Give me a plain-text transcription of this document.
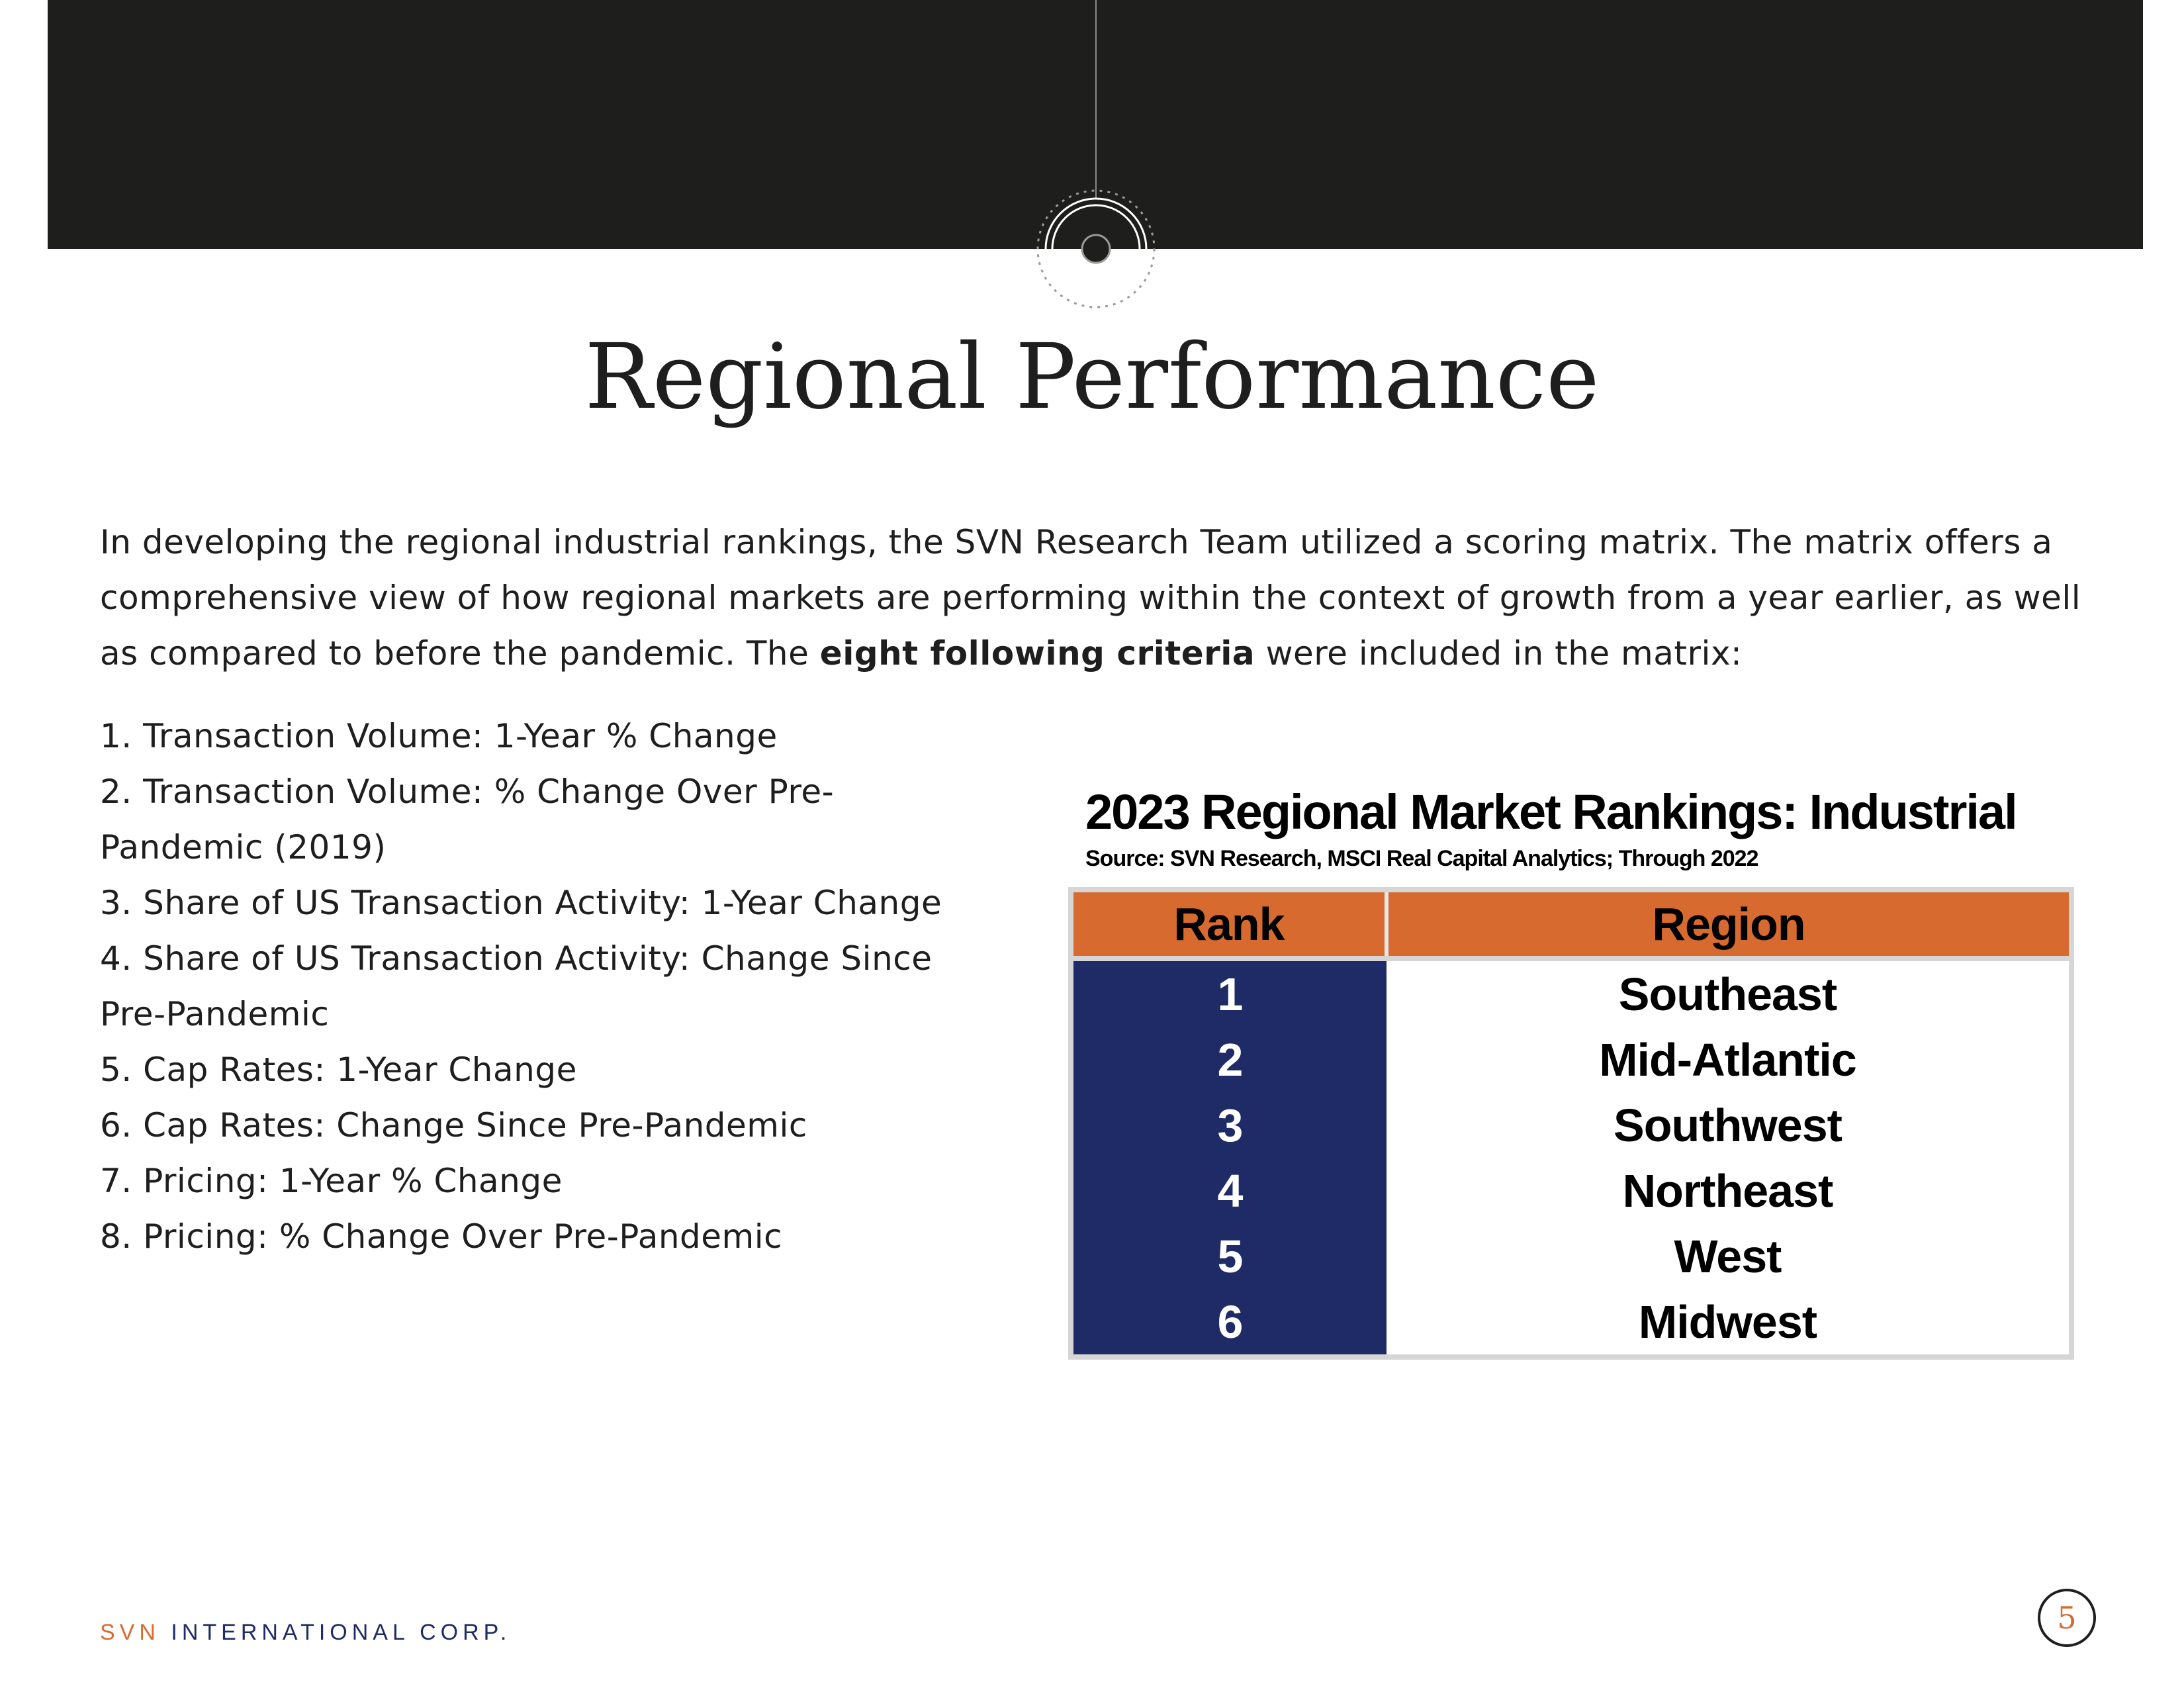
Regional Performance

In developing the regional industrial rankings, the SVN Research Team utilized a scoring matrix. The matrix offers a comprehensive view of how regional markets are performing within the context of growth from a year earlier, as well as compared to before the pandemic. The eight following criteria were included in the matrix:

1. Transaction Volume: 1-Year % Change
2. Transaction Volume: % Change Over Pre-Pandemic (2019)
3. Share of US Transaction Activity: 1-Year Change
4. Share of US Transaction Activity: Change Since Pre-Pandemic
5. Cap Rates: 1-Year Change
6. Cap Rates: Change Since Pre-Pandemic
7. Pricing: 1-Year % Change
8. Pricing: % Change Over Pre-Pandemic
2023 Regional Market Rankings: Industrial
Source: SVN Research, MSCI Real Capital Analytics; Through 2022
Rank	Region
1	Southeast
2	Mid-Atlantic
3	Southwest
4	Northeast
5	West
6	Midwest
SVN INTERNATIONAL CORP.	5
